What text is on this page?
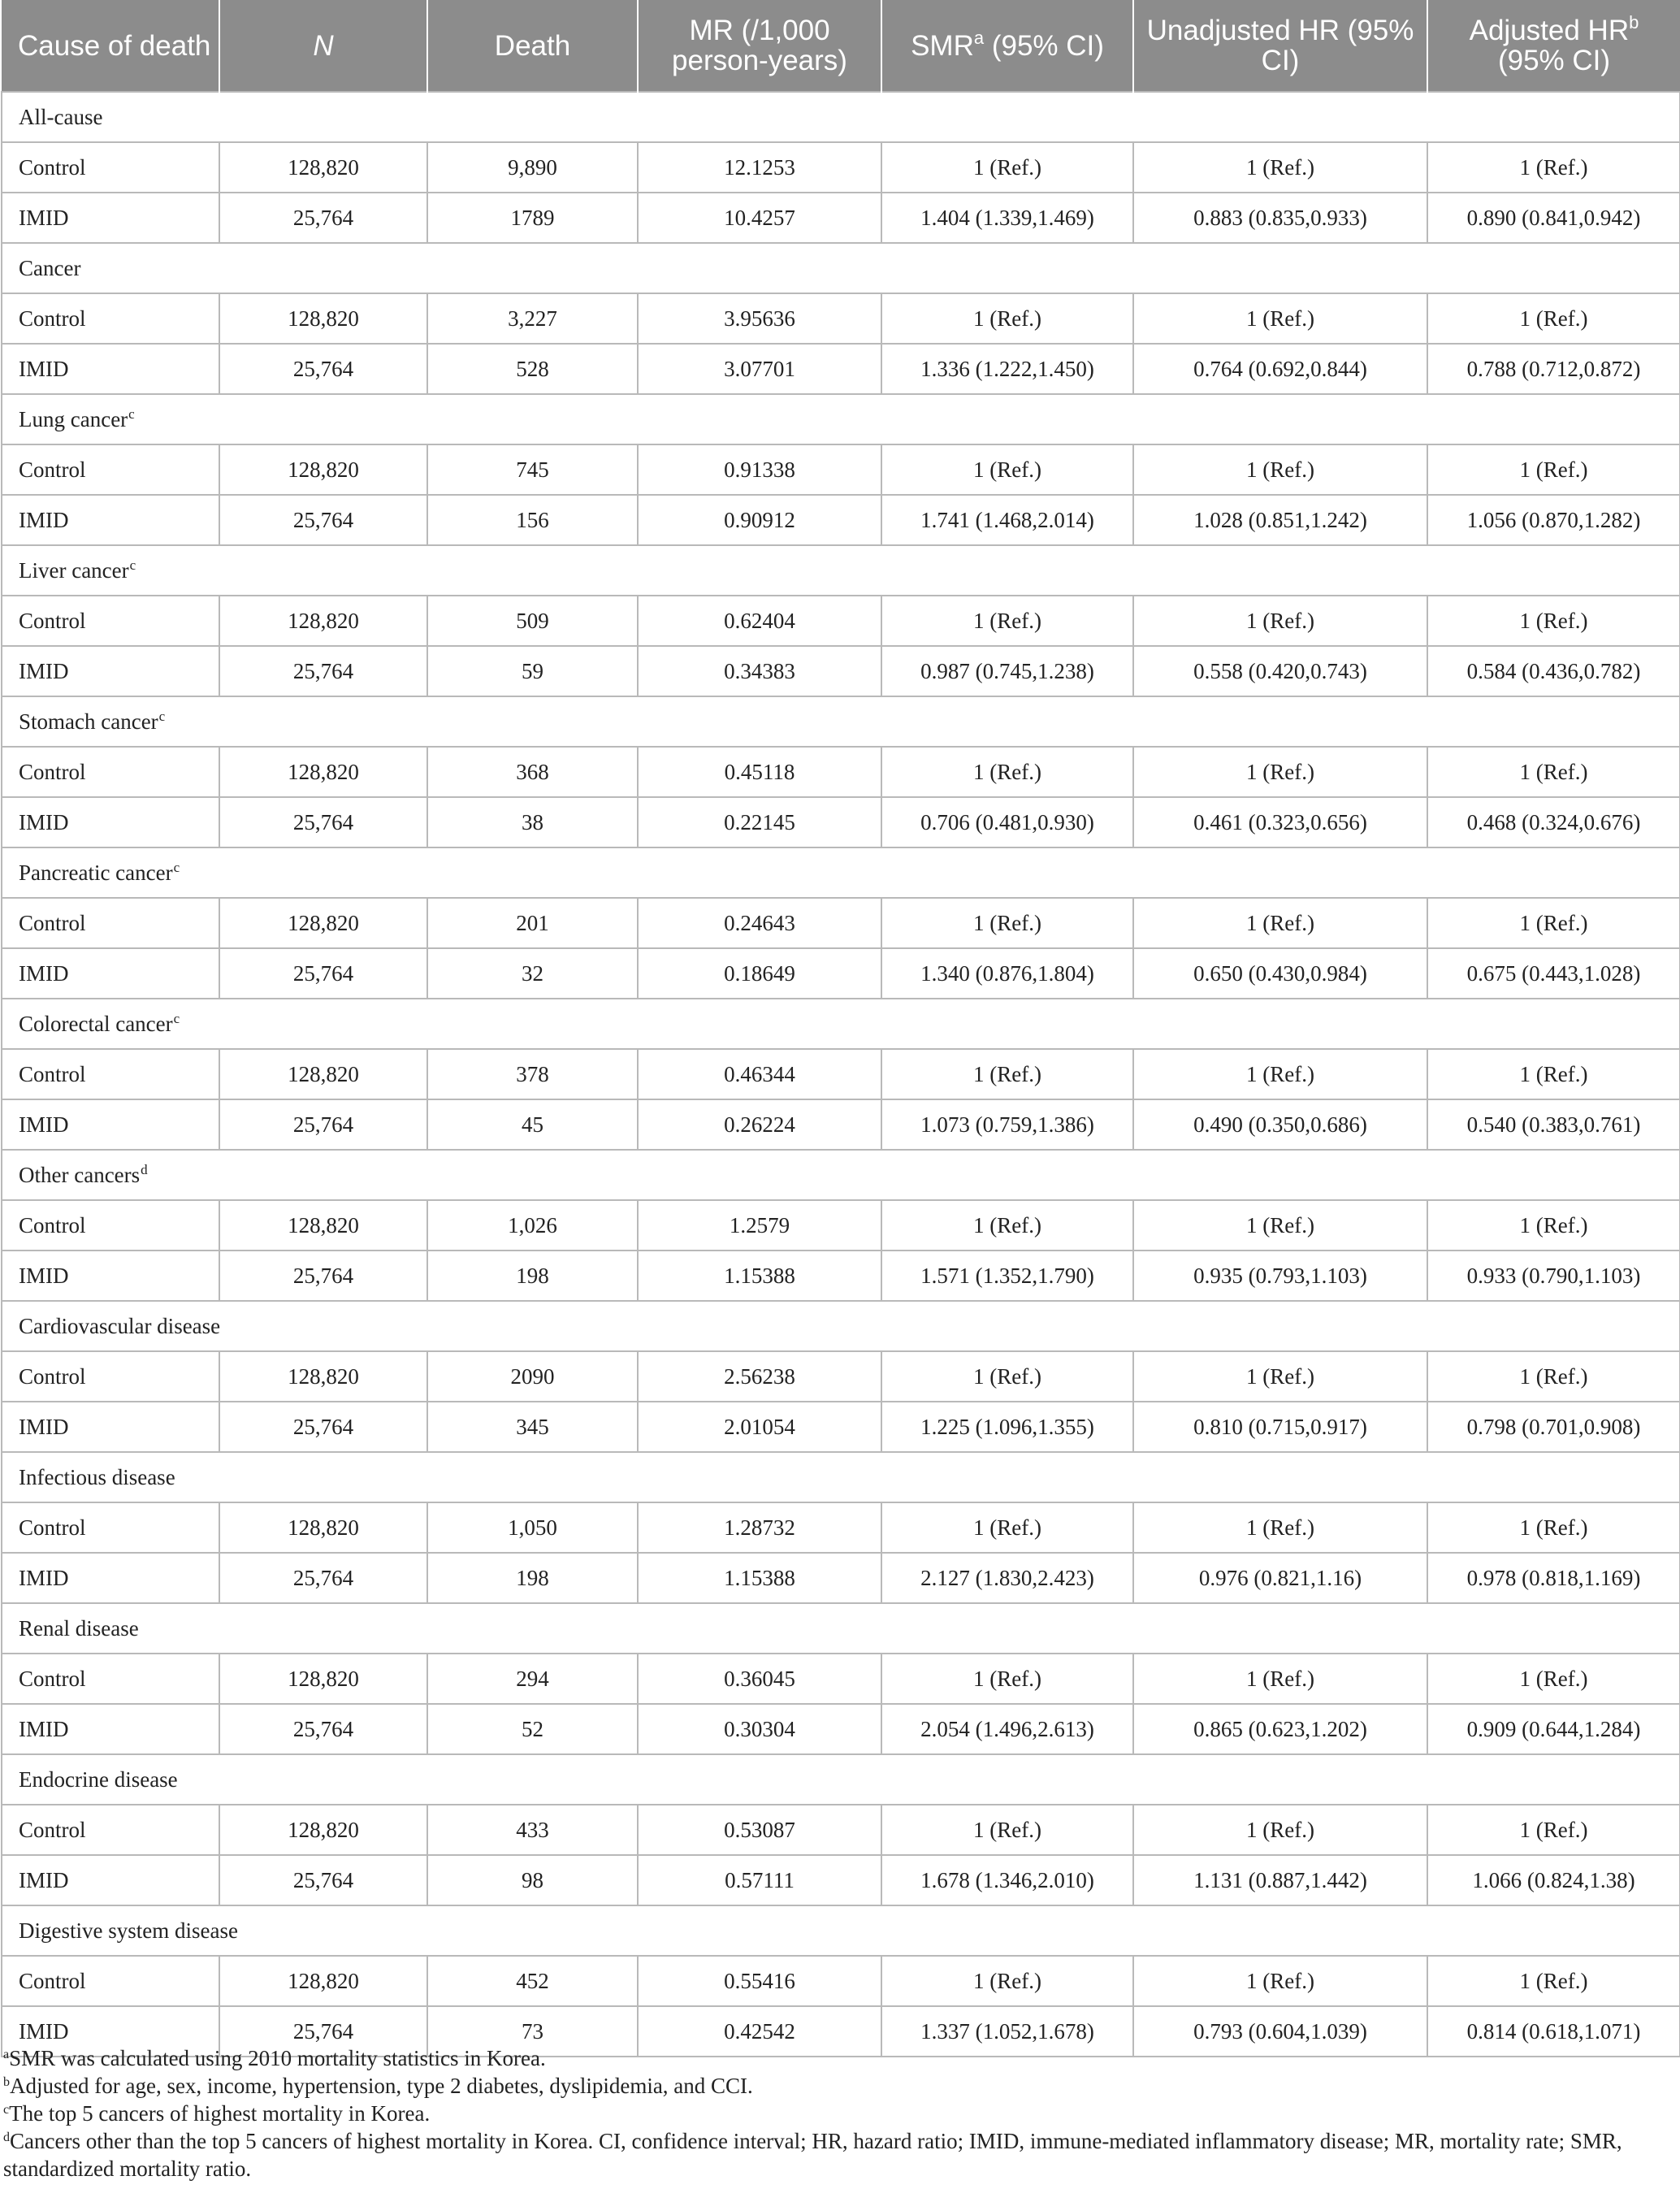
Cause of death	N	Death	MR (/1,000 person-years)	SMR$^a$ (95% CI)	Unadjusted HR (95% CI)	Adjusted $HR^b$
(95% CI)
All-cause						
Control	128,820	9,890	12.1253	1 (Ref.)	1 (Ref.)	1 (Ref.)
IMID	25,764	1789	10.4257	1.404 (1.339,1.469)	0.883 (0.835,0.933)	0.890 (0.841,0.942)
Cancer						
Control	128,820	3,227	3.95636	1 (Ref.)	1 (Ref.)	1 (Ref.)
IMID	25,764	528	3.07701	1.336 (1.222,1.450)	0.764 (0.692,0.844)	0.788 (0.712,0.872)
Lung cancer$^c$
Control	128,820	745	0.91338	1 (Ref.)	1 (Ref.)	1 (Ref.)
IMID	25,764	156	0.90912	1.741 (1.468,2.014)	1.028 (0.851,1.242)	1.056 (0.870,1.282)
Liver cancer$^c$
Control	128,820	509	0.62404	1 (Ref.)	1 (Ref.)	1 (Ref.)
IMID	25,764	59	0.34383	0.987 (0.745,1.238)	0.558 (0.420,0.743)	0.584 (0.436,0.782)
Stomach cancer$^c$
Control	128,820	368	0.45118	1 (Ref.)	1 (Ref.)	1 (Ref.)
IMID	25,764	38	0.22145	0.706 (0.481,0.930)	0.461 (0.323,0.656)	0.468 (0.324,0.676)
Pancreatic cancer$^c$
Control	128,820	201	0.24643	1 (Ref.)	1 (Ref.)	1 (Ref.)
IMID	25,764	32	0.18649	1.340 (0.876,1.804)	0.650 (0.430,0.984)	0.675 (0.443,1.028)
Colorectal cancer$^c$
Control	128,820	378	0.46344	1 (Ref.)	1 (Ref.)	1 (Ref.)
IMID	25,764	45	0.26224	1.073 (0.759,1.386)	0.490 (0.350,0.686)	0.540 (0.383,0.761)
Other cancers$^d$
Control	128,820	1,026	1.2579	1 (Ref.)	1 (Ref.)	1 (Ref.)
IMID	25,764	198	1.15388	1.571 (1.352,1.790)	0.935 (0.793,1.103)	0.933 (0.790,1.103)
Cardiovascular disease						
Control	128,820	2090	2.56238	1 (Ref.)	1 (Ref.)	1 (Ref.)
IMID	25,764	345	2.01054	1.225 (1.096,1.355)	0.810 (0.715,0.917)	0.798 (0.701,0.908)
Infectious disease						
Control	128,820	1,050	1.28732	1 (Ref.)	1 (Ref.)	1 (Ref.)
IMID	25,764	198	1.15388	2.127 (1.830,2.423)	0.976 (0.821,1.16)	0.978 (0.818,1.169)
Renal disease						
Control	128,820	294	0.36045	1 (Ref.)	1 (Ref.)	1 (Ref.)
IMID	25,764	52	0.30304	2.054 (1.496,2.613)	0.865 (0.623,1.202)	0.909 (0.644,1.284)
Endocrine disease						
Control	128,820	433	0.53087	1 (Ref.)	1 (Ref.)	1 (Ref.)
IMID	25,764	98	0.57111	1.678 (1.346,2.010)	1.131 (0.887,1.442)	1.066 (0.824,1.38)
Digestive system disease						
Control	128,820	452	0.55416	1 (Ref.)	1 (Ref.)	1 (Ref.)
IMID	25,764	73	0.42542	1.337 (1.052,1.678)	0.793 (0.604,1.039)	0.814 (0.618,1.071)
$^a$SMR was calculated using 2010 mortality statistics in Korea.
$^b$Adjusted for age, sex, income, hypertension, type 2 diabetes, dyslipidemia, and CCI.
$^c$The top 5 cancers of highest mortality in Korea.
$^d$Cancers other than the top 5 cancers of highest mortality in Korea. CI, confidence interval; HR, hazard ratio; IMID, immune-mediated inflammatory disease; MR, mortality rate; SMR, standardized mortality ratio.
